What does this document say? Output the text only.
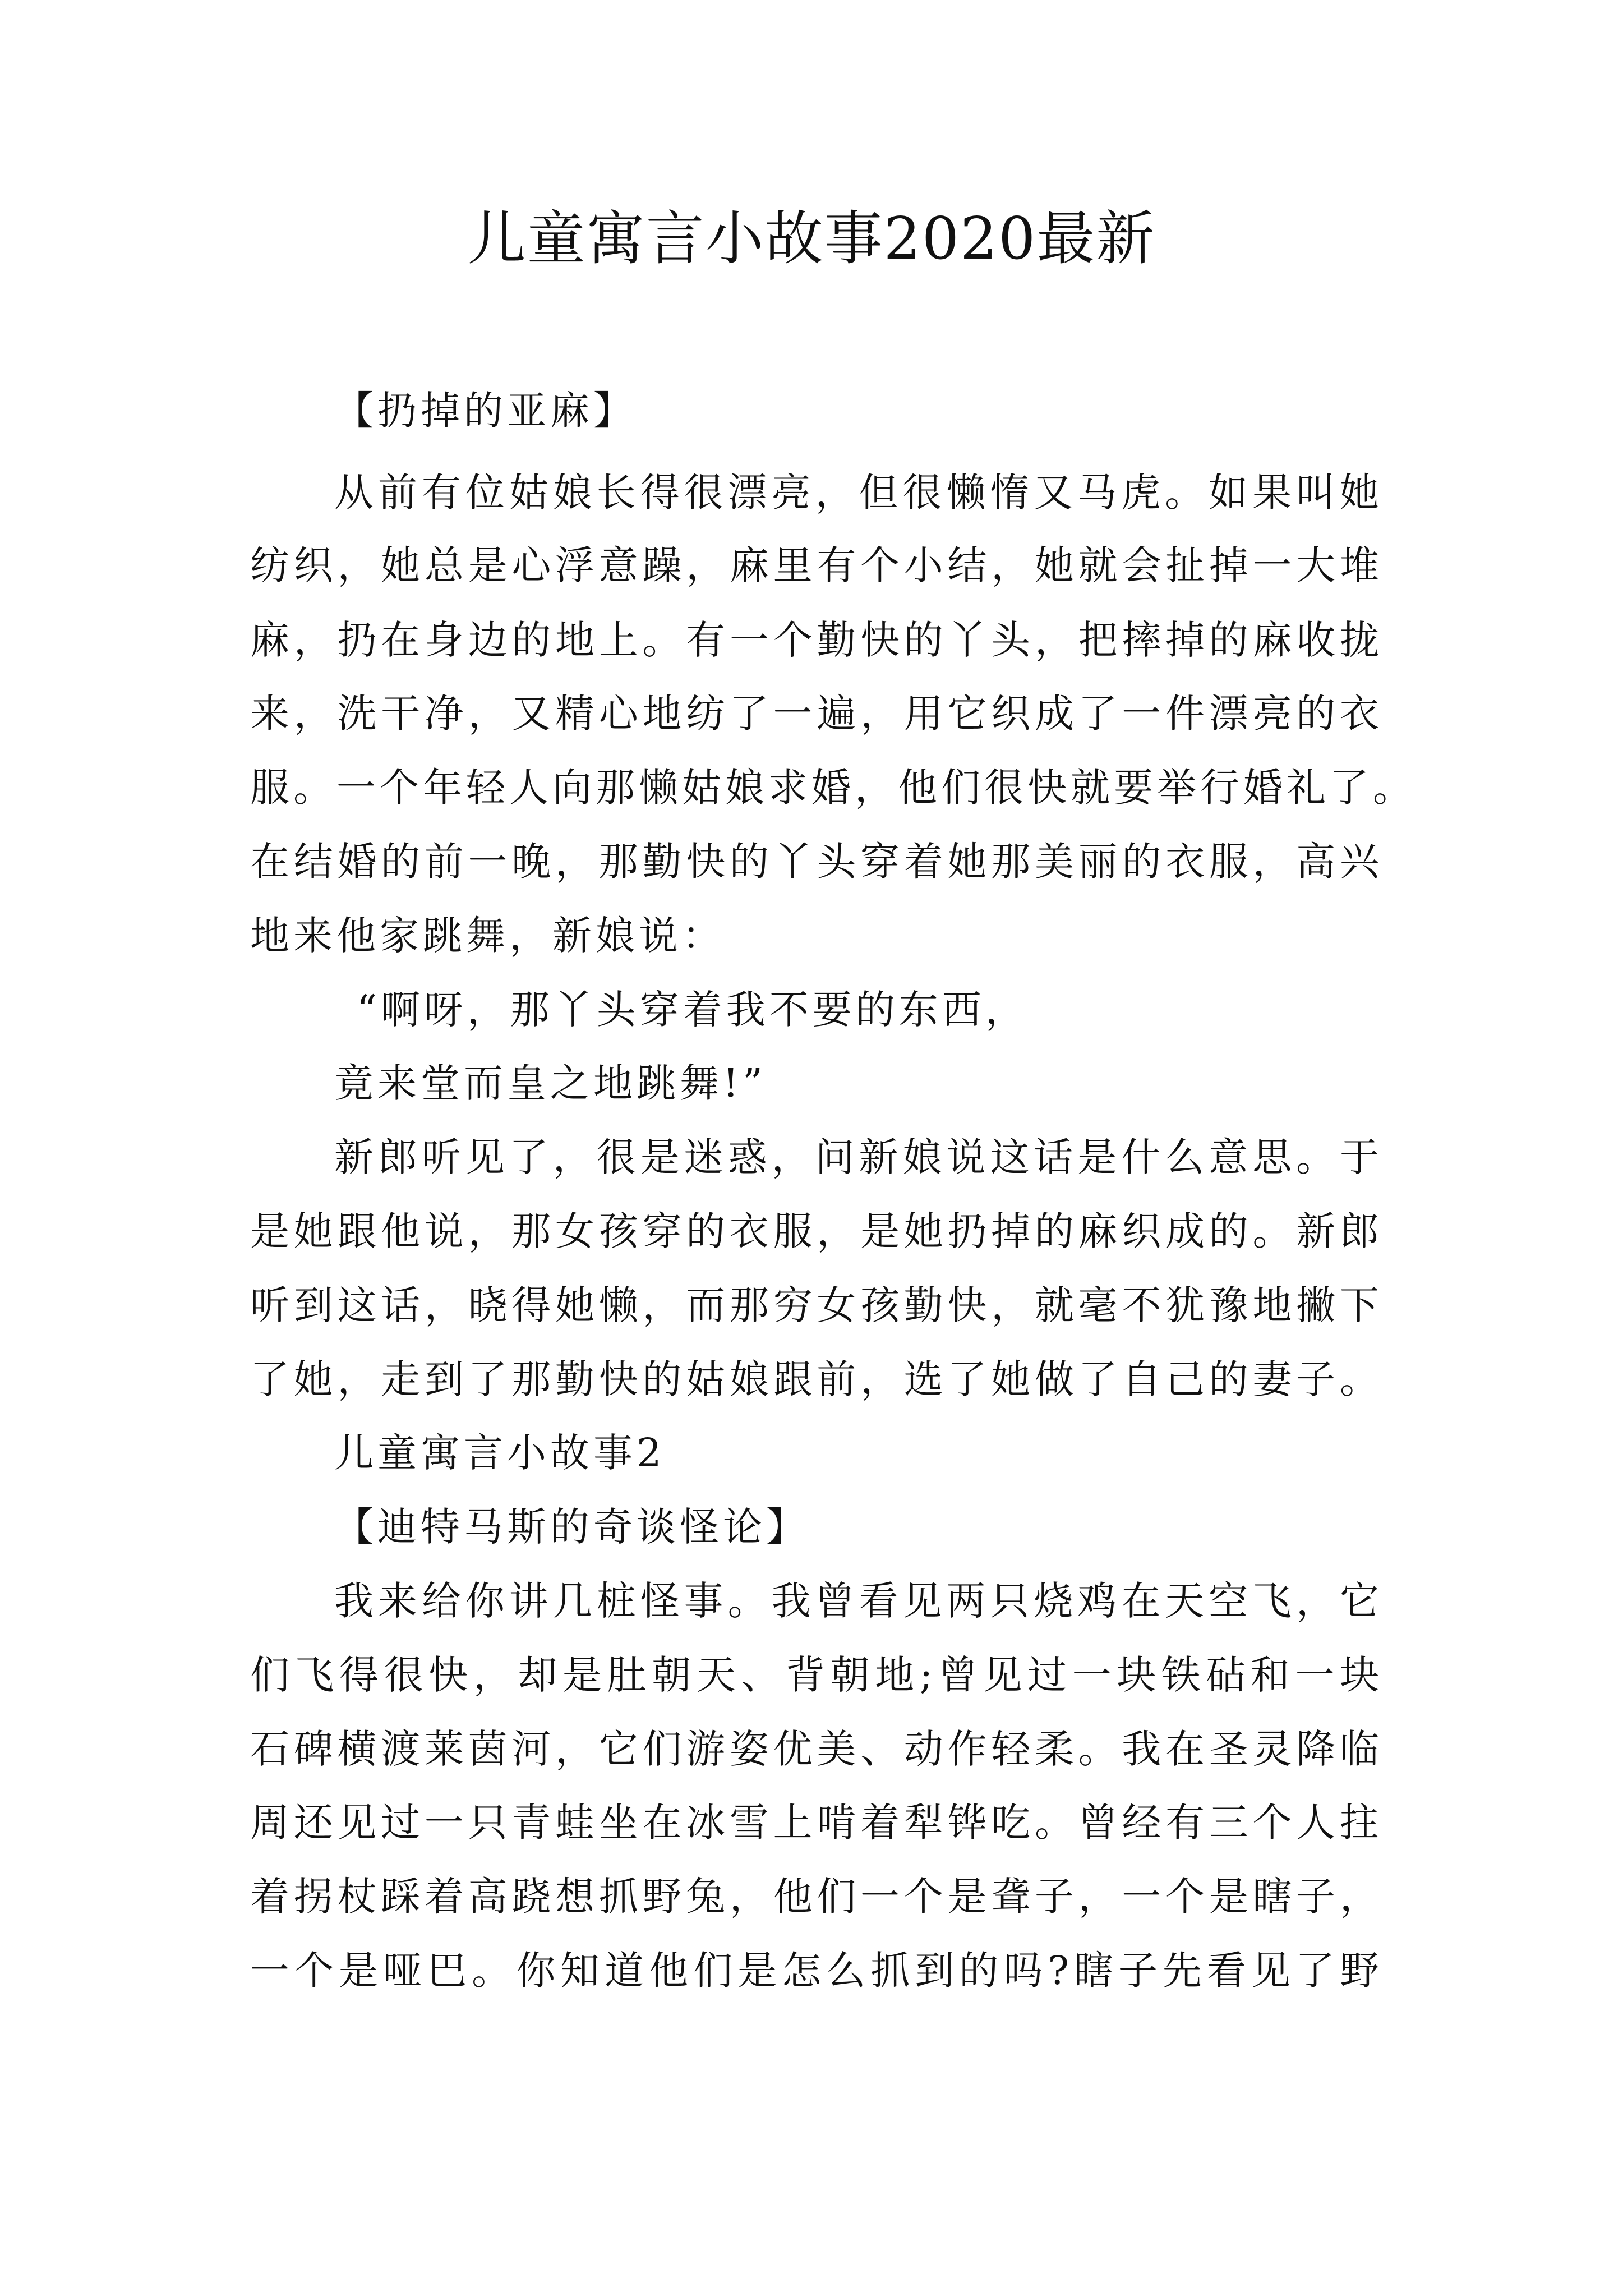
儿童寓言小故事2020最新
【扔掉的亚麻】
从前有位姑娘长得很漂亮，但很懒惰又马虎。如果叫她
纺织，她总是心浮意躁，麻里有个小结，她就会扯掉一大堆
麻，扔在身边的地上。有一个勤快的丫头，把摔掉的麻收拢
来，洗干净，又精心地纺了一遍，用它织成了一件漂亮的衣
服。一个年轻人向那懒姑娘求婚，他们很快就要举行婚礼了。
在结婚的前一晚，那勤快的丫头穿着她那美丽的衣服，高兴
地来他家跳舞，新娘说：
“啊呀，那丫头穿着我不要的东西，
竟来堂而皇之地跳舞!”
新郎听见了，很是迷惑，问新娘说这话是什么意思。于
是她跟他说，那女孩穿的衣服，是她扔掉的麻织成的。新郎
听到这话，晓得她懒，而那穷女孩勤快，就毫不犹豫地撇下
了她，走到了那勤快的姑娘跟前，选了她做了自己的妻子。
儿童寓言小故事2
【迪特马斯的奇谈怪论】
我来给你讲几桩怪事。我曾看见两只烧鸡在天空飞，它
们飞得很快，却是肚朝天、背朝地;曾见过一块铁砧和一块
石碑横渡莱茵河，它们游姿优美、动作轻柔。我在圣灵降临
周还见过一只青蛙坐在冰雪上啃着犁铧吃。曾经有三个人拄
着拐杖踩着高跷想抓野兔，他们一个是聋子，一个是瞎子，
一个是哑巴。你知道他们是怎么抓到的吗?瞎子先看见了野
